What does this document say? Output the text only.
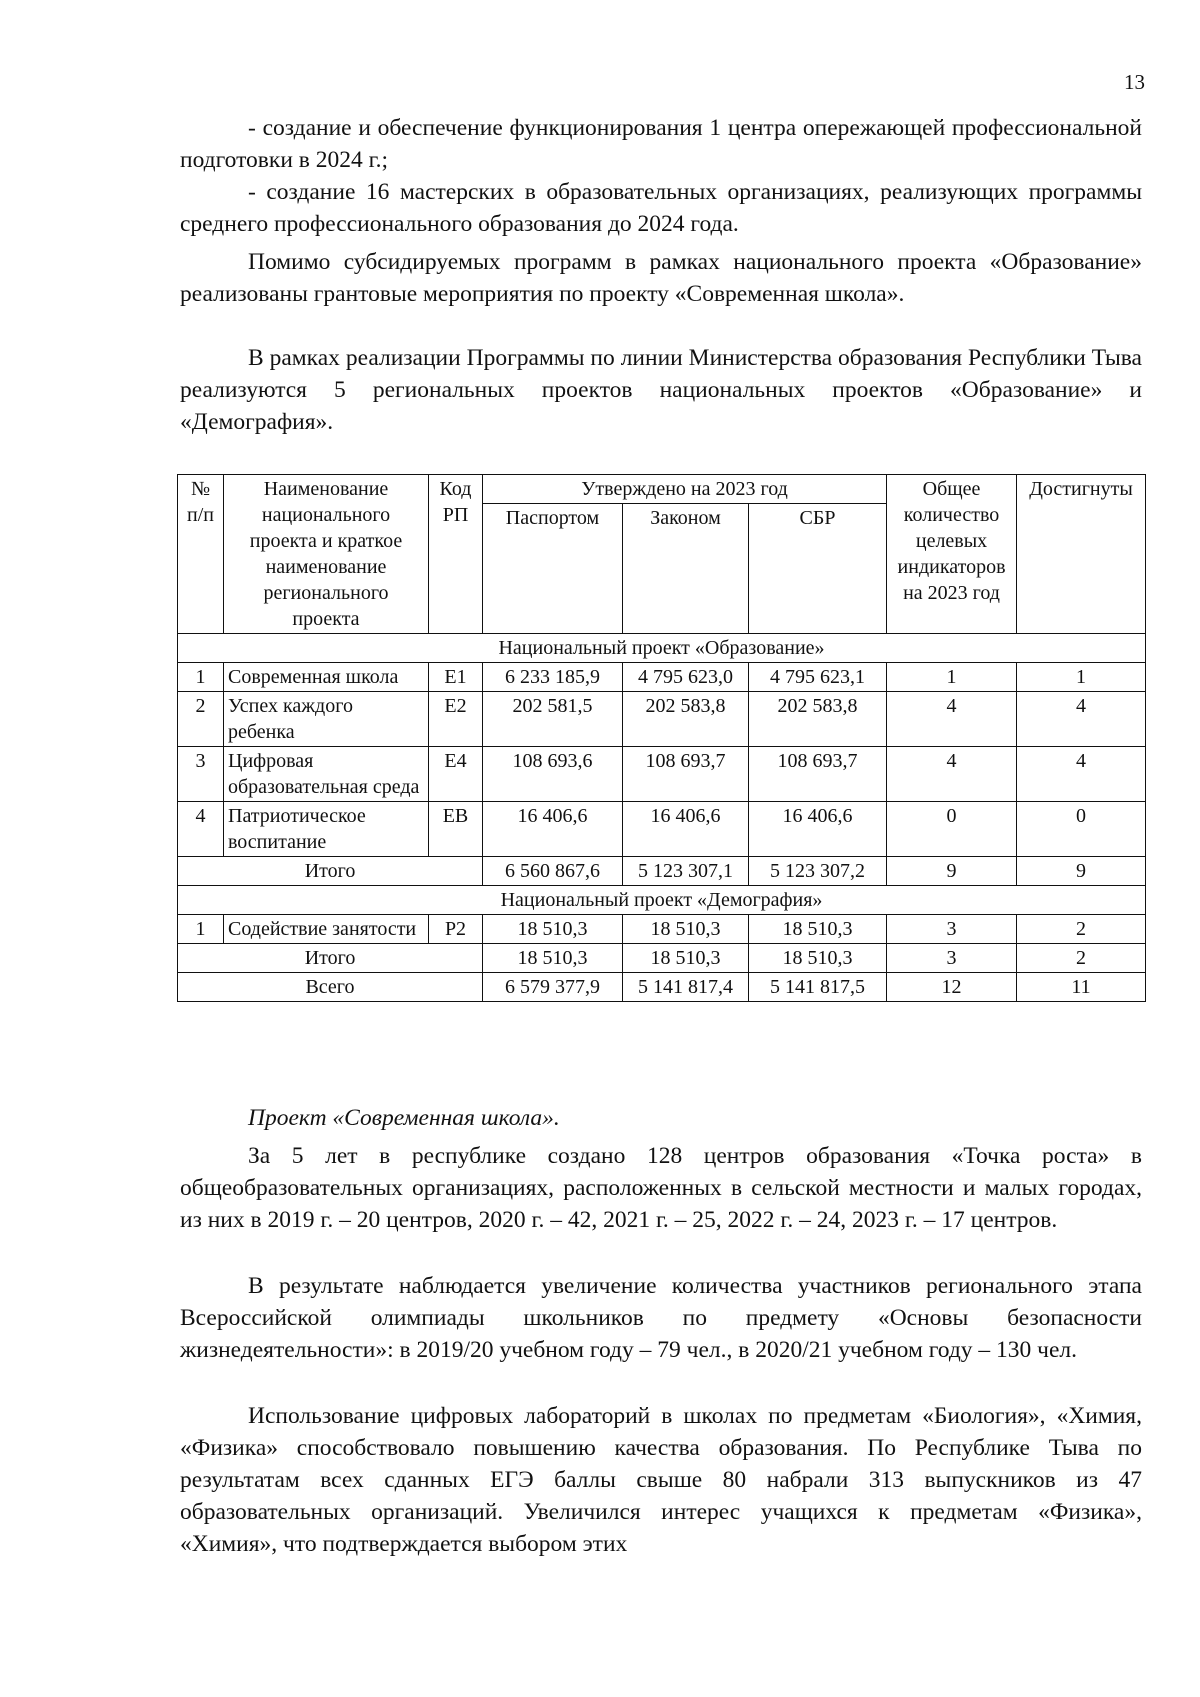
13

- создание и обеспечение функционирования 1 центра опережающей профессиональной подготовки в 2024 г.;

- создание 16 мастерских в образовательных организациях, реализующих программы среднего профессионального образования до 2024 года.

Помимо субсидируемых программ в рамках национального проекта «Образование» реализованы грантовые мероприятия по проекту «Современная школа».

В рамках реализации Программы по линии Министерства образования Республики Тыва реализуются 5 региональных проектов национальных проектов «Образование» и «Демография».

№ п/п	Наименование национального проекта и краткое наименование регионального проекта	Код РП	Утверждено на 2023 год			Общее количество целевых индикаторов на 2023 год	Достигнуты
			Паспортом	Законом	СБР		
Национальный проект «Образование»							
1	Современная школа	Е1	6 233 185,9	4 795 623,0	4 795 623,1	1	1
2	Успех каждого ребенка	Е2	202 581,5	202 583,8	202 583,8	4	4
3	Цифровая образовательная среда	Е4	108 693,6	108 693,7	108 693,7	4	4
4	Патриотическое воспитание	ЕВ	16 406,6	16 406,6	16 406,6	0	0
Итого			6 560 867,6	5 123 307,1	5 123 307,2	9	9
Национальный проект «Демография»							
1	Содействие занятости	Р2	18 510,3	18 510,3	18 510,3	3	2
Итого			18 510,3	18 510,3	18 510,3	3	2
Всего			6 579 377,9	5 141 817,4	5 141 817,5	12	11
Проект «Современная школа».

За 5 лет в республике создано 128 центров образования «Точка роста» в общеобразовательных организациях, расположенных в сельской местности и малых городах, из них в 2019 г. – 20 центров, 2020 г. – 42, 2021 г. – 25, 2022 г. – 24, 2023 г. – 17 центров.

В результате наблюдается увеличение количества участников регионального этапа Всероссийской олимпиады школьников по предмету «Основы безопасности жизнедеятельности»: в 2019/20 учебном году – 79 чел., в 2020/21 учебном году – 130 чел.

Использование цифровых лабораторий в школах по предметам «Биология», «Химия, «Физика» способствовало повышению качества образования. По Республике Тыва по результатам всех сданных ЕГЭ баллы свыше 80 набрали 313 выпускников из 47 образовательных организаций. Увеличился интерес учащихся к предметам «Физика», «Химия», что подтверждается выбором этих
